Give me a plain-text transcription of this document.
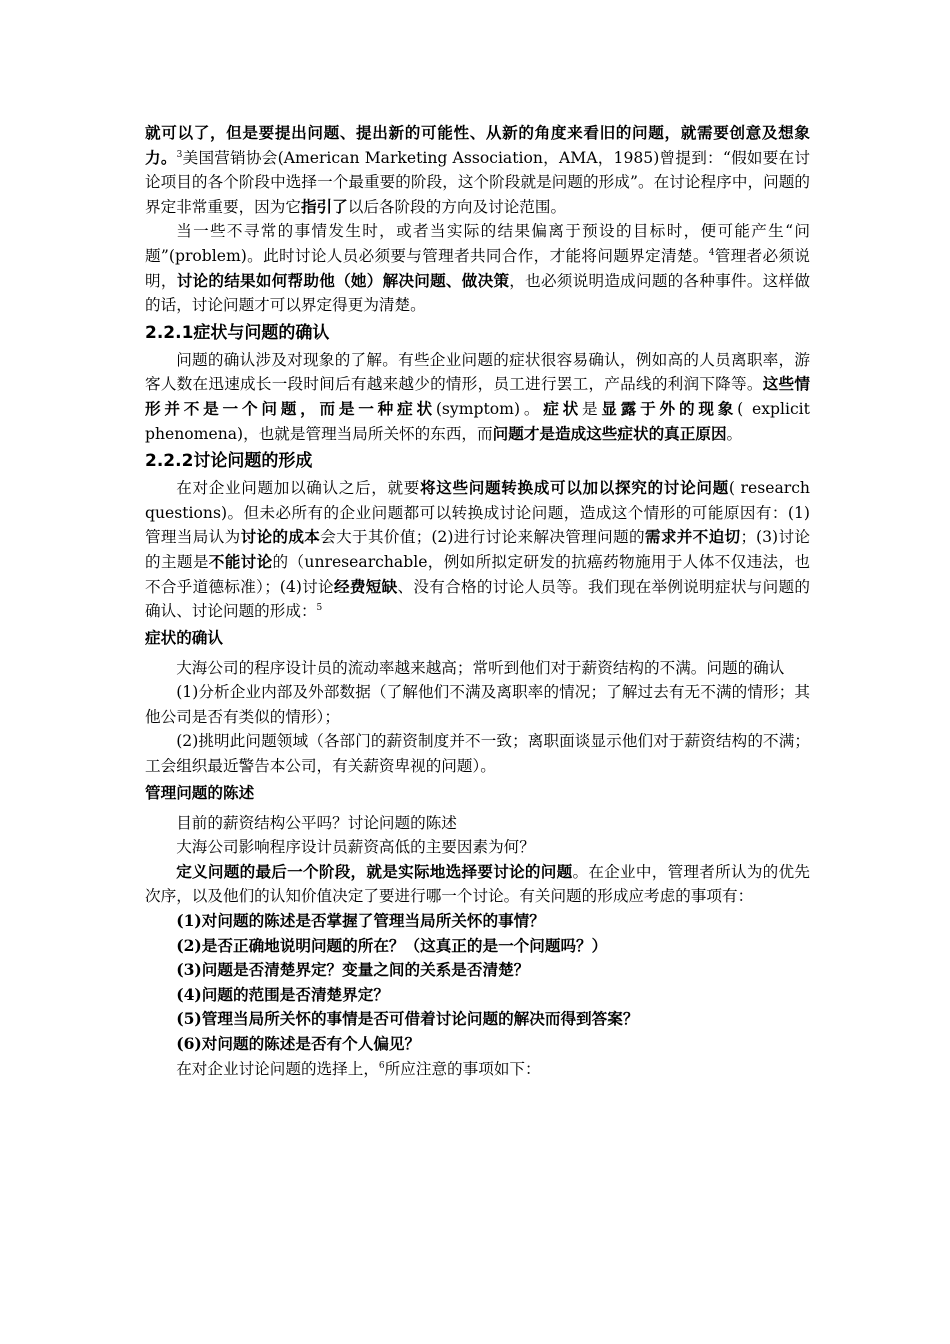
就可以了，但是要提出问题、提出新的可能性、从新的角度来看旧的问题，就需要创意及想象力。$^3$美国营销协会(American Marketing Association，AMA，1985)曾提到：“假如要在讨论项目的各个阶段中选择一个最重要的阶段，这个阶段就是问题的形成”。在讨论程序中，问题的界定非常重要，因为它指引了以后各阶段的方向及讨论范围。

当一些不寻常的事情发生时，或者当实际的结果偏离于预设的目标时，便可能产生“问题”(problem)。此时讨论人员必须要与管理者共同合作，才能将问题界定清楚。$^4$管理者必须说明，讨论的结果如何帮助他（她）解决问题、做决策，也必须说明造成问题的各种事件。这样做的话，讨论问题才可以界定得更为清楚。

2.2.1症状与问题的确认

问题的确认涉及对现象的了解。有些企业问题的症状很容易确认，例如高的人员离职率，游客人数在迅速成长一段时间后有越来越少的情形，员工进行罢工，产品线的利润下降等。这些情形并不是一个问题，而是一种症状(symptom)。症状是显露于外的现象( explicit phenomena)，也就是管理当局所关怀的东西，而问题才是造成这些症状的真正原因。

2.2.2讨论问题的形成

在对企业问题加以确认之后，就要将这些问题转换成可以加以探究的讨论问题( research questions)。但未必所有的企业问题都可以转换成讨论问题，造成这个情形的可能原因有：(1)管理当局认为讨论的成本会大于其价值；(2)进行讨论来解决管理问题的需求并不迫切；(3)讨论的主题是不能讨论的（unresearchable，例如所拟定研发的抗癌药物施用于人体不仅违法，也不合乎道德标准）；(4)讨论经费短缺、没有合格的讨论人员等。我们现在举例说明症状与问题的确认、讨论问题的形成：$^5$

症状的确认

大海公司的程序设计员的流动率越来越高；常听到他们对于薪资结构的不满。问题的确认

(1)分析企业内部及外部数据（了解他们不满及离职率的情况；了解过去有无不满的情形；其他公司是否有类似的情形）；

(2)挑明此问题领域（各部门的薪资制度并不一致；离职面谈显示他们对于薪资结构的不满；工会组织最近警告本公司，有关薪资卑视的问题）。

管理问题的陈述

目前的薪资结构公平吗？讨论问题的陈述

大海公司影响程序设计员薪资高低的主要因素为何？

定义问题的最后一个阶段，就是实际地选择要讨论的问题。在企业中，管理者所认为的优先次序，以及他们的认知价值决定了要进行哪一个讨论。有关问题的形成应考虑的事项有：

(1)对问题的陈述是否掌握了管理当局所关怀的事情？

(2)是否正确地说明问题的所在？（这真正的是一个问题吗？）

(3)问题是否清楚界定？变量之间的关系是否清楚？

(4)问题的范围是否清楚界定？

(5)管理当局所关怀的事情是否可借着讨论问题的解决而得到答案？

(6)对问题的陈述是否有个人偏见？

在对企业讨论问题的选择上，$^6$所应注意的事项如下：
